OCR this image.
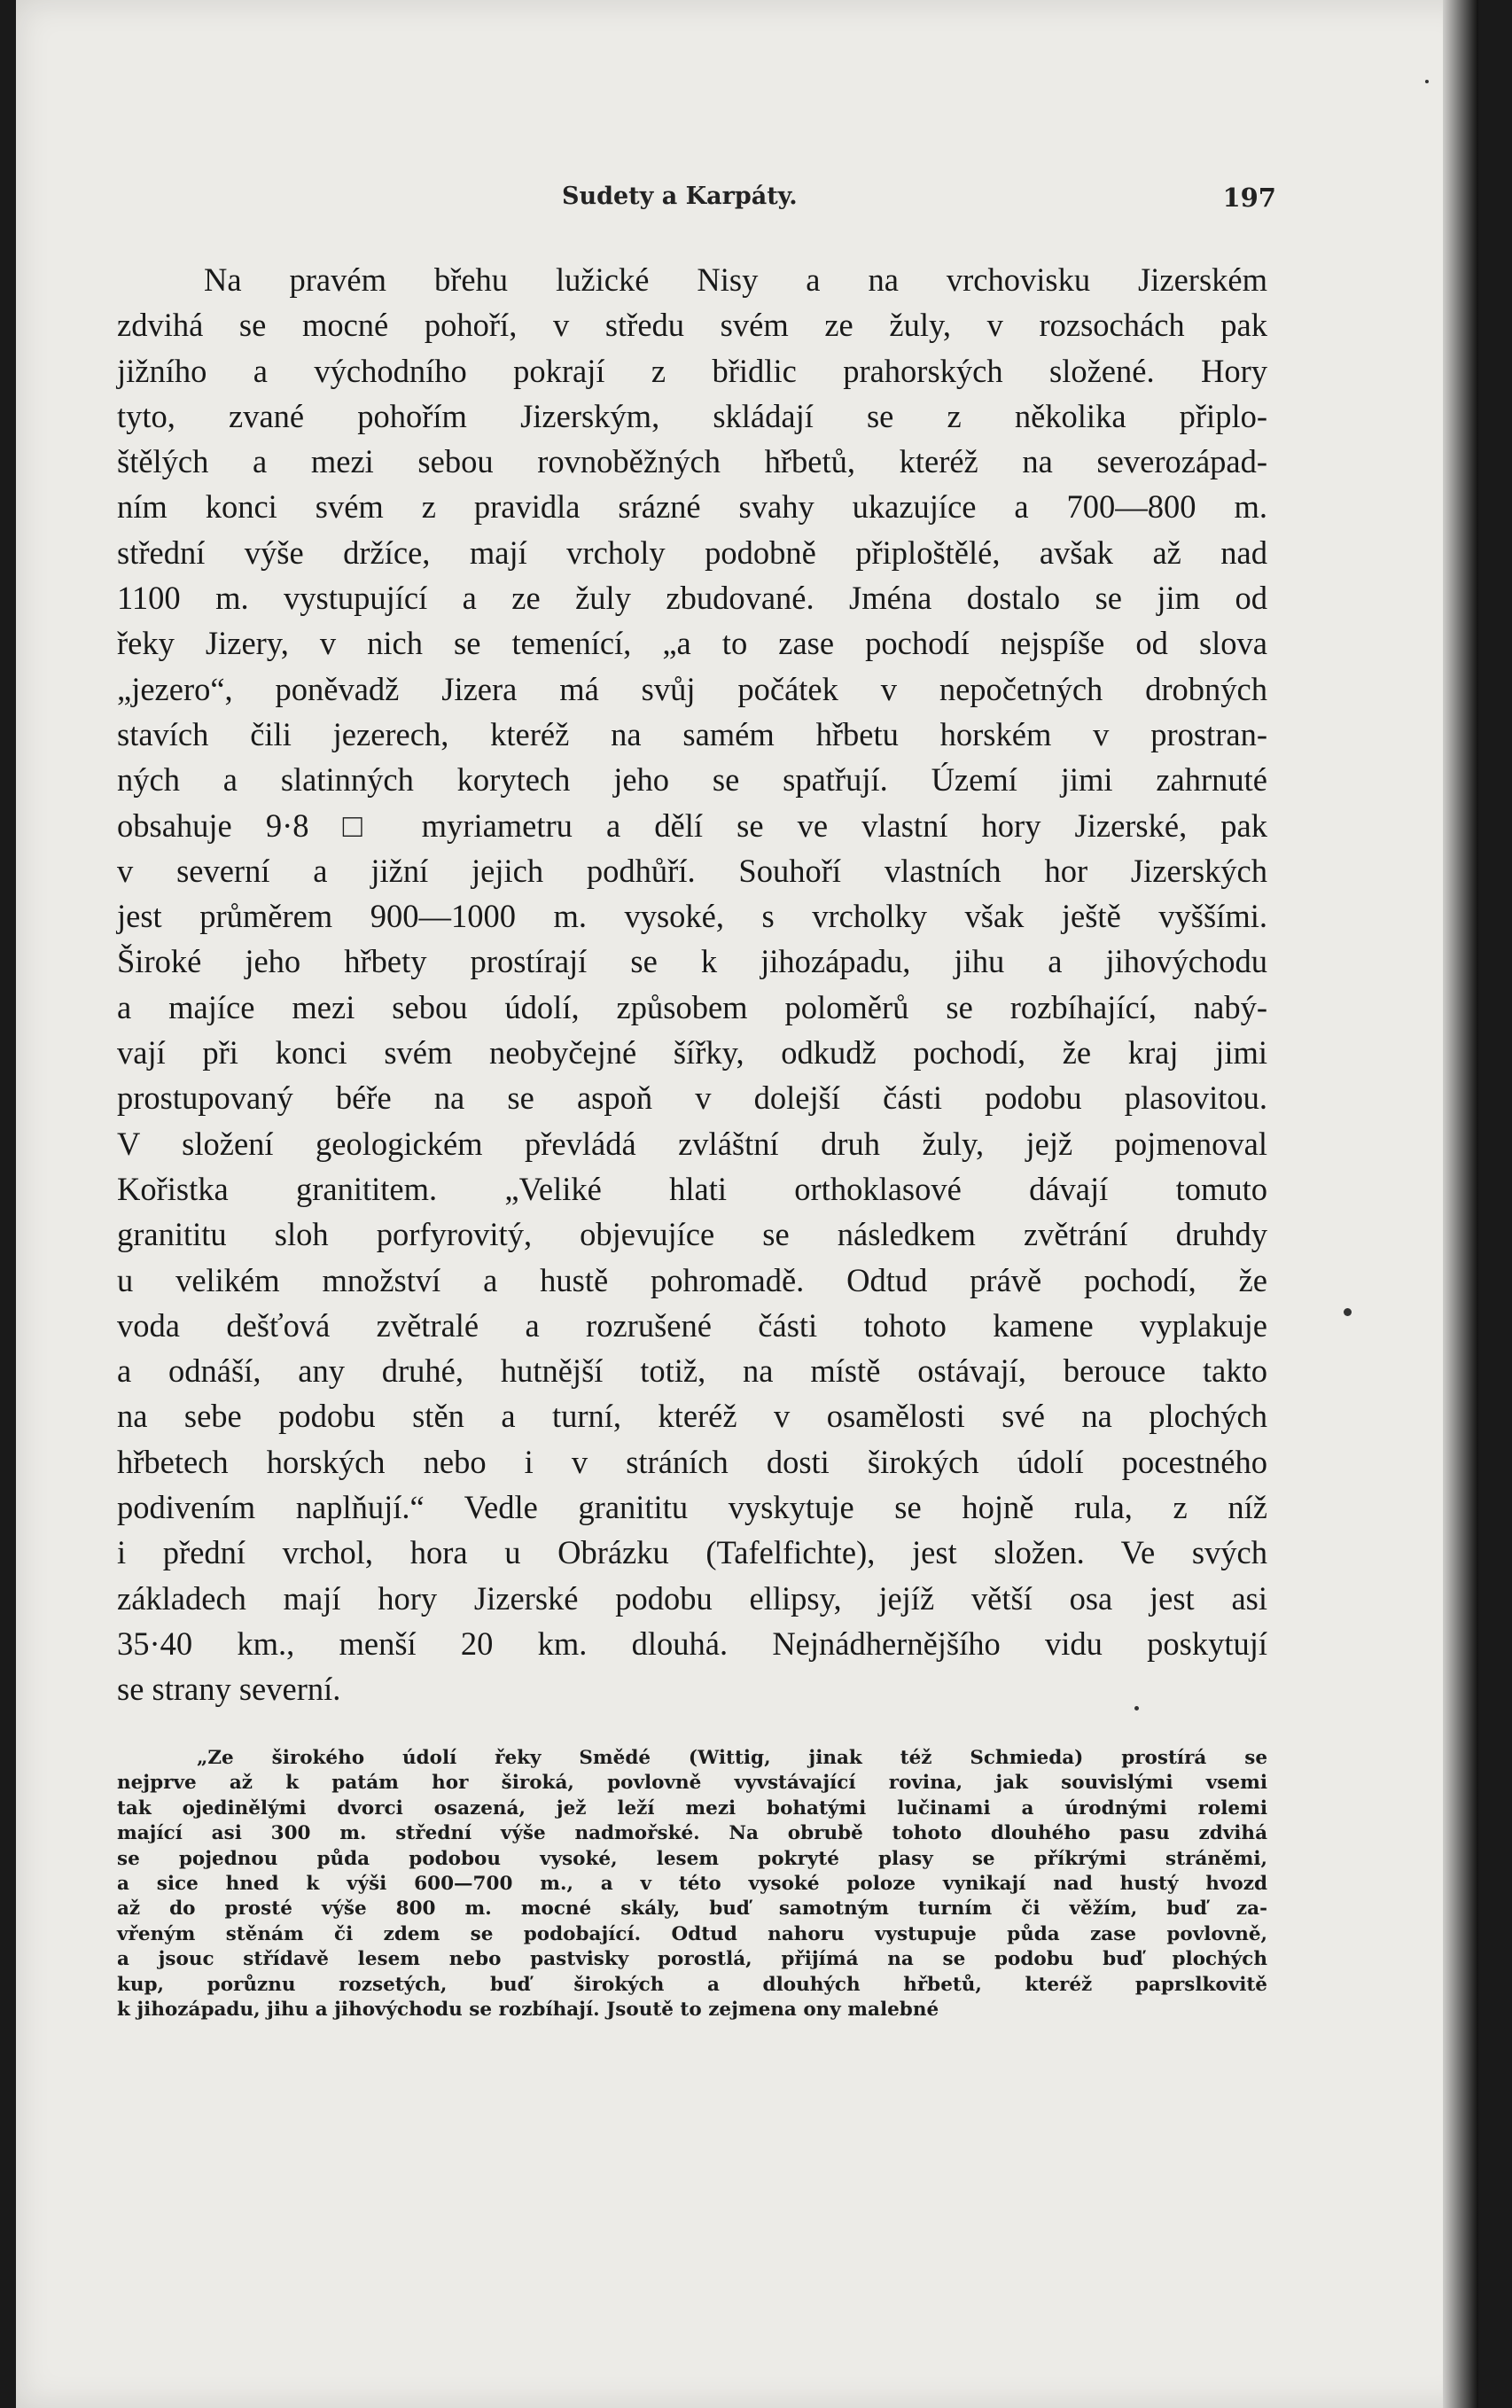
Sudety a Karpáty.	197
Na pravém břehu lužické Nisy a na vrchovisku Jizerském
zdvihá se mocné pohoří, v středu svém ze žuly, v rozsochách pak
jižního a východního pokrají z břidlic prahorských složené. Hory
tyto, zvané pohořím Jizerským, skládají se z několika připlo-
štělých a mezi sebou rovnoběžných hřbetů, kteréž na severozápad-
ním konci svém z pravidla srázné svahy ukazujíce a 700—800 m.
střední výše držíce, mají vrcholy podobně připloštělé, avšak až nad
1100 m. vystupující a ze žuly zbudované. Jména dostalo se jim od
řeky Jizery, v nich se temenící, „a to zase pochodí nejspíše od slova
„jezero“, poněvadž Jizera má svůj počátek v nepočetných drobných
stavích čili jezerech, kteréž na samém hřbetu horském v prostran-
ných a slatinných korytech jeho se spatřují. Území jimi zahrnuté
obsahuje 9·8 □ myriametru a dělí se ve vlastní hory Jizerské, pak
v severní a jižní jejich podhůří. Souhoří vlastních hor Jizerských
jest průměrem 900—1000 m. vysoké, s vrcholky však ještě vyššími.
Široké jeho hřbety prostírají se k jihozápadu, jihu a jihovýchodu
a majíce mezi sebou údolí, způsobem poloměrů se rozbíhající, nabý-
vají při konci svém neobyčejné šířky, odkudž pochodí, že kraj jimi
prostupovaný béře na se aspoň v dolejší části podobu plasovitou.
V složení geologickém převládá zvláštní druh žuly, jejž pojmenoval
Kořistka granititem. „Veliké hlati orthoklasové dávají tomuto
granititu sloh porfyrovitý, objevujíce se následkem zvětrání druhdy
u velikém množství a hustě pohromadě. Odtud právě pochodí, že
voda dešťová zvětralé a rozrušené části tohoto kamene vyplakuje
a odnáší, any druhé, hutnější totiž, na místě ostávají, berouce takto
na sebe podobu stěn a turní, kteréž v osamělosti své na plochých
hřbetech horských nebo i v stráních dosti širokých údolí pocestného
podivením naplňují.“ Vedle granititu vyskytuje se hojně rula, z níž
i přední vrchol, hora u Obrázku (Tafelfichte), jest složen. Ve svých
základech mají hory Jizerské podobu ellipsy, jejíž větší osa jest asi
35·40 km., menší 20 km. dlouhá. Nejnádhernějšího vidu poskytují
se strany severní.
„Ze širokého údolí řeky Smědé (Wittig, jinak též Schmieda) prostírá se
nejprve až k patám hor široká, povlovně vyvstávající rovina, jak souvislými vsemi
tak ojedinělými dvorci osazená, jež leží mezi bohatými lučinami a úrodnými rolemi
mající asi 300 m. střední výše nadmořské. Na obrubě tohoto dlouhého pasu zdvihá
se pojednou půda podobou vysoké, lesem pokryté plasy se příkrými stráněmi,
a sice hned k výši 600—700 m., a v této vysoké poloze vynikají nad hustý hvozd
až do prosté výše 800 m. mocné skály, buď samotným turním či věžím, buď za-
vřeným stěnám či zdem se podobající. Odtud nahoru vystupuje půda zase povlovně,
a jsouc střídavě lesem nebo pastvisky porostlá, přijímá na se podobu buď plochých
kup, porůznu rozsetých, buď širokých a dlouhých hřbetů, kteréž paprslkovitě
k jihozápadu, jihu a jihovýchodu se rozbíhají. Jsoutě to zejmena ony malebné
